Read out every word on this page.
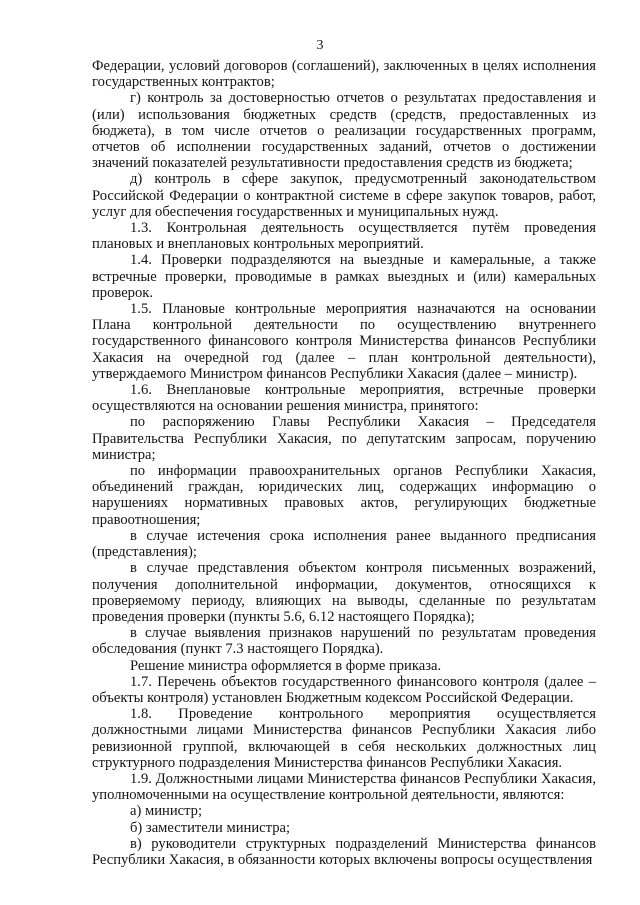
3

Федерации, условий договоров (соглашений), заключенных в целях исполнения государственных контрактов;

г) контроль за достоверностью отчетов о результатах предоставления и (или) использования бюджетных средств (средств, предоставленных из бюджета), в том числе отчетов о реализации государственных программ, отчетов об исполнении государственных заданий, отчетов о достижении значений показателей результативности предоставления средств из бюджета;

д) контроль в сфере закупок, предусмотренный законодательством Российской Федерации о контрактной системе в сфере закупок товаров, работ, услуг для обеспечения государственных и муниципальных нужд.

1.3. Контрольная деятельность осуществляется путём проведения плановых и внеплановых контрольных мероприятий.

1.4. Проверки подразделяются на выездные и камеральные, а также встречные проверки, проводимые в рамках выездных и (или) камеральных проверок.

1.5. Плановые контрольные мероприятия назначаются на основании Плана контрольной деятельности по осуществлению внутреннего государственного финансового контроля Министерства финансов Республики Хакасия на очередной год (далее – план контрольной деятельности), утверждаемого Министром финансов Республики Хакасия (далее – министр).

1.6. Внеплановые контрольные мероприятия, встречные проверки осуществляются на основании решения министра, принятого:

по распоряжению Главы Республики Хакасия – Председателя Правительства Республики Хакасия, по депутатским запросам, поручению министра;

по информации правоохранительных органов Республики Хакасия, объединений граждан, юридических лиц, содержащих информацию о нарушениях нормативных правовых актов, регулирующих бюджетные правоотношения;

в случае истечения срока исполнения ранее выданного предписания (представления);

в случае представления объектом контроля письменных возражений, получения дополнительной информации, документов, относящихся к проверяемому периоду, влияющих на выводы, сделанные по результатам проведения проверки (пункты 5.6, 6.12 настоящего Порядка);

в случае выявления признаков нарушений по результатам проведения обследования (пункт 7.3 настоящего Порядка).

Решение министра оформляется в форме приказа.

1.7. Перечень объектов государственного финансового контроля (далее – объекты контроля) установлен Бюджетным кодексом Российской Федерации.

1.8. Проведение контрольного мероприятия осуществляется должностными лицами Министерства финансов Республики Хакасия либо ревизионной группой, включающей в себя нескольких должностных лиц структурного подразделения Министерства финансов Республики Хакасия.

1.9. Должностными лицами Министерства финансов Республики Хакасия, уполномоченными на осуществление контрольной деятельности, являются:

а) министр;

б) заместители министра;

в) руководители структурных подразделений Министерства финансов Республики Хакасия, в обязанности которых включены вопросы осуществления
